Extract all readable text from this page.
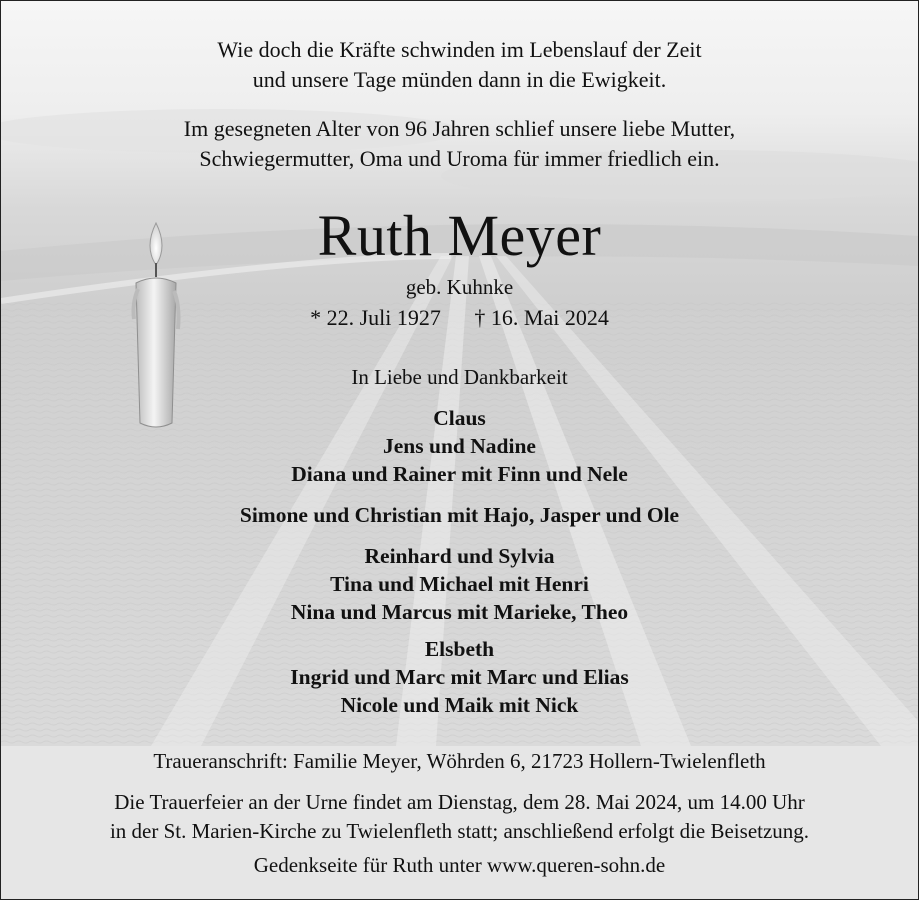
Wie doch die Kräfte schwinden im Lebenslauf der Zeit
und unsere Tage münden dann in die Ewigkeit.
Im gesegneten Alter von 96 Jahren schlief unsere liebe Mutter,
Schwiegermutter, Oma und Uroma für immer friedlich ein.
Ruth Meyer
geb. Kuhnke
* 22. Juli 1927 † 16. Mai 2024
In Liebe und Dankbarkeit
Claus
Jens und Nadine
Diana und Rainer mit Finn und Nele
Simone und Christian mit Hajo, Jasper und Ole
Reinhard und Sylvia
Tina und Michael mit Henri
Nina und Marcus mit Marieke, Theo
Elsbeth
Ingrid und Marc mit Marc und Elias
Nicole und Maik mit Nick
Traueranschrift: Familie Meyer, Wöhrden 6, 21723 Hollern-Twielenfleth
Die Trauerfeier an der Urne findet am Dienstag, dem 28. Mai 2024, um 14.00 Uhr
in der St. Marien-Kirche zu Twielenfleth statt; anschließend erfolgt die Beisetzung.
Gedenkseite für Ruth unter www.queren-sohn.de
